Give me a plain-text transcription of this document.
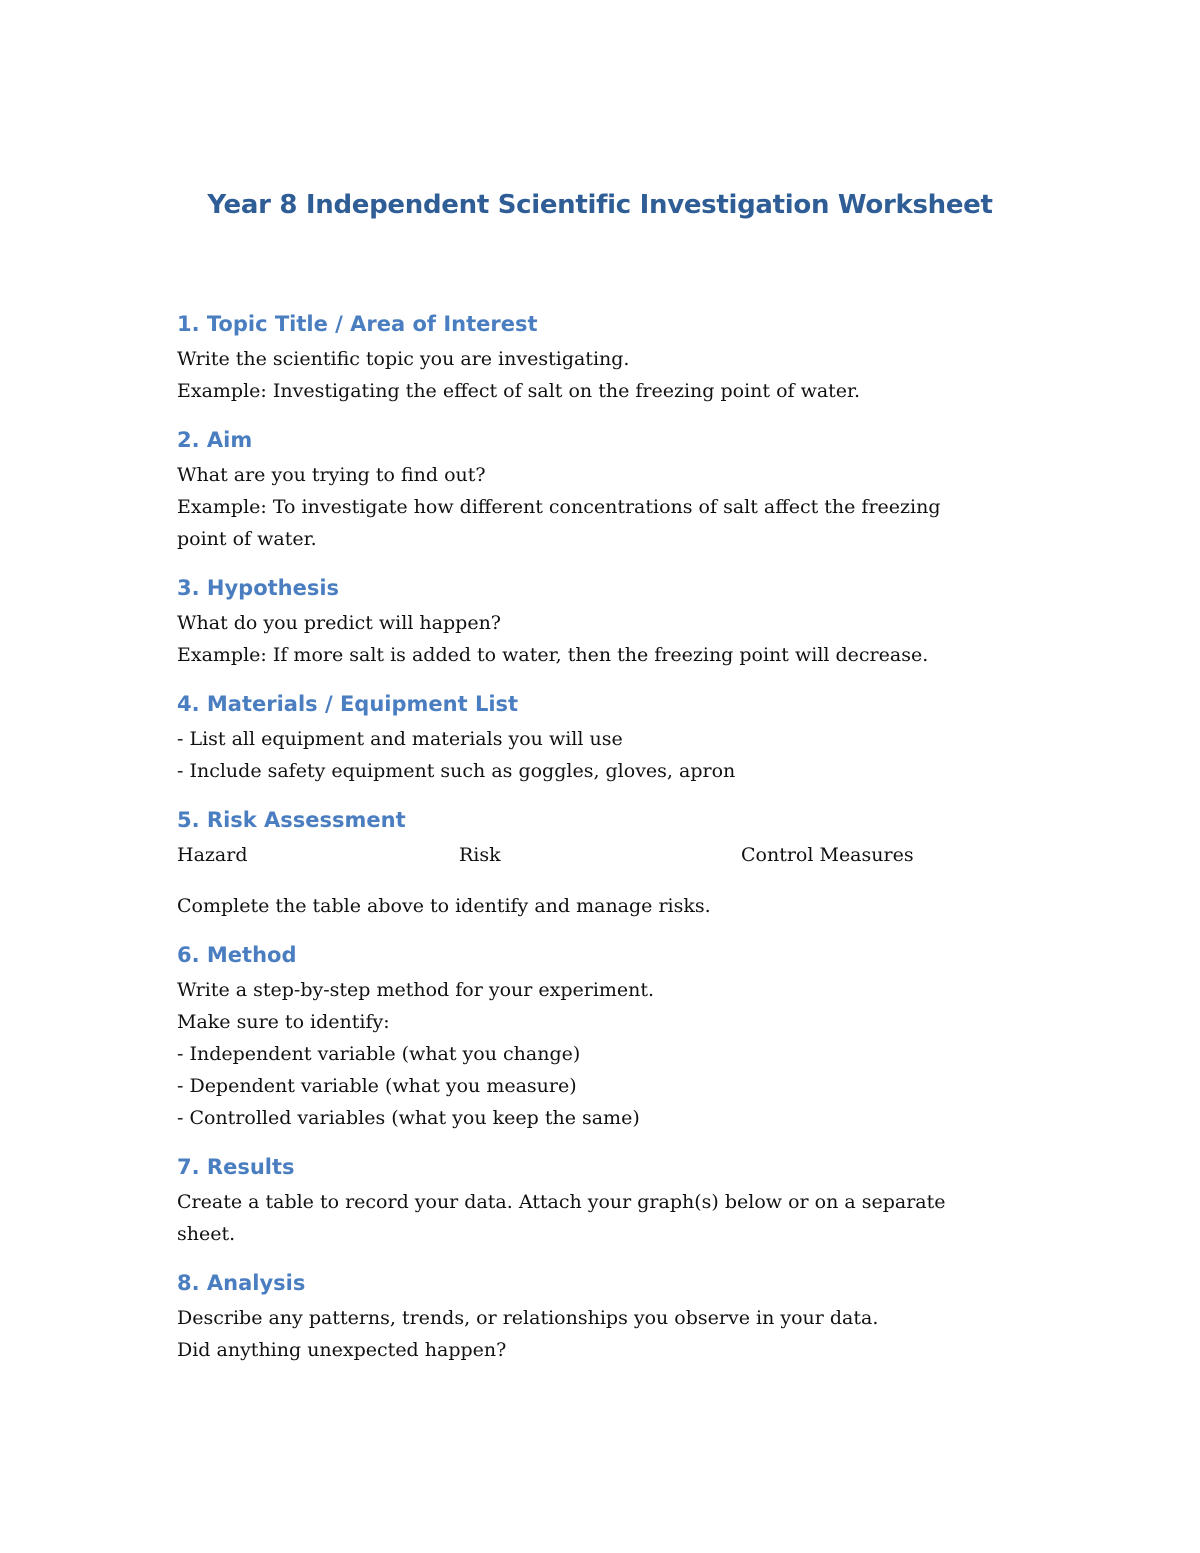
Year 8 Independent Scientific Investigation Worksheet
1. Topic Title / Area of Interest
Write the scientific topic you are investigating.
Example: Investigating the effect of salt on the freezing point of water.
2. Aim
What are you trying to find out?
Example: To investigate how different concentrations of salt affect the freezing point of water.
3. Hypothesis
What do you predict will happen?
Example: If more salt is added to water, then the freezing point will decrease.
4. Materials / Equipment List
- List all equipment and materials you will use
- Include safety equipment such as goggles, gloves, apron
5. Risk Assessment
Hazard	Risk	Control Measures
Complete the table above to identify and manage risks.
6. Method
Write a step-by-step method for your experiment.
Make sure to identify:
- Independent variable (what you change)
- Dependent variable (what you measure)
- Controlled variables (what you keep the same)
7. Results
Create a table to record your data. Attach your graph(s) below or on a separate sheet.
8. Analysis
Describe any patterns, trends, or relationships you observe in your data.
Did anything unexpected happen?
